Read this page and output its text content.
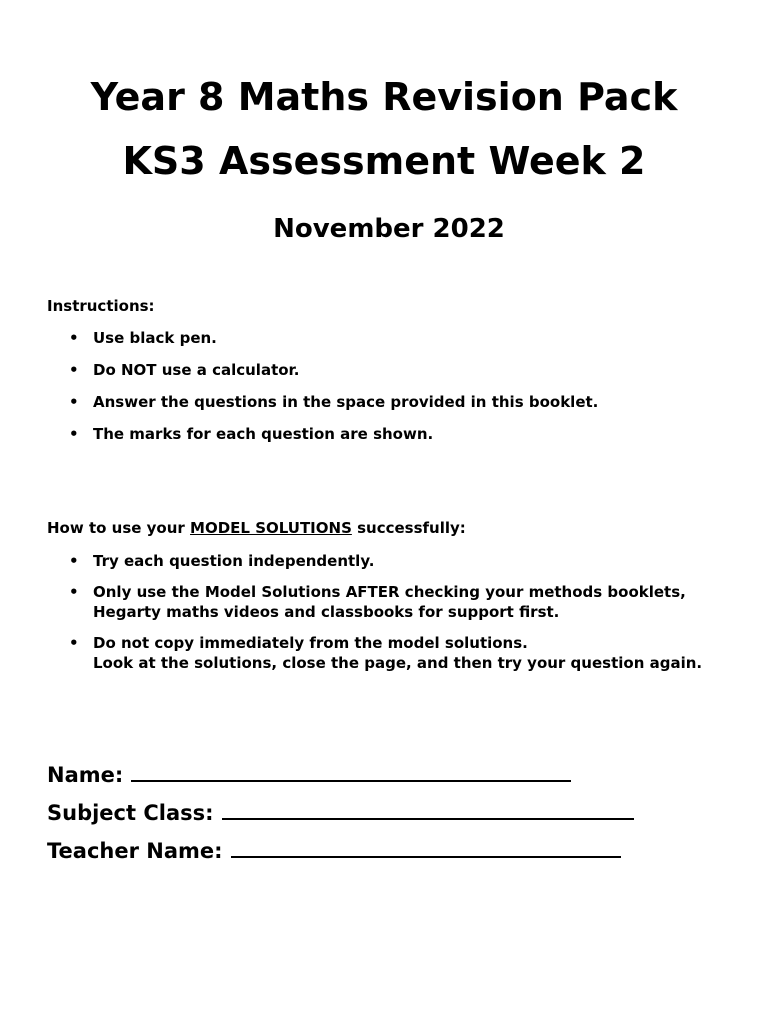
Year 8 Maths Revision Pack
KS3 Assessment Week 2
November 2022

Instructions:

• Use black pen.
• Do NOT use a calculator.
• Answer the questions in the space provided in this booklet.
• The marks for each question are shown.

How to use your MODEL SOLUTIONS successfully:

• Try each question independently.
• Only use the Model Solutions AFTER checking your methods booklets,
Hegarty maths videos and classbooks for support first.
• Do not copy immediately from the model solutions.
Look at the solutions, close the page, and then try your question again.
Name:
Subject Class:
Teacher Name:
